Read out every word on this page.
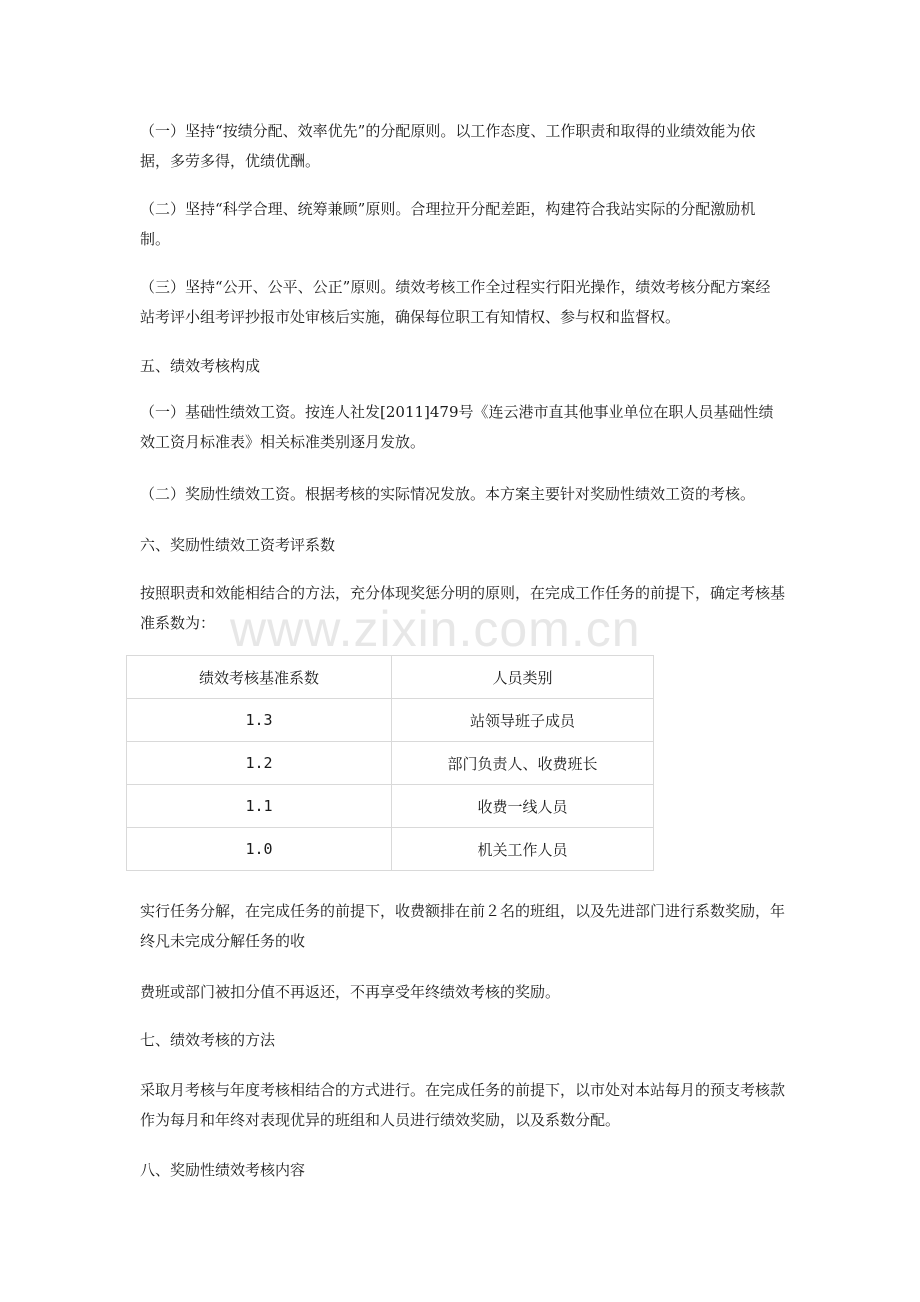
（一）坚持“按绩分配、效率优先”的分配原则。以工作态度、工作职责和取得的业绩效能为依据，多劳多得，优绩优酬。

（二）坚持“科学合理、统筹兼顾”原则。合理拉开分配差距，构建符合我站实际的分配激励机制。

（三）坚持“公开、公平、公正”原则。绩效考核工作全过程实行阳光操作，绩效考核分配方案经站考评小组考评抄报市处审核后实施，确保每位职工有知情权、参与权和监督权。

五、绩效考核构成

（一）基础性绩效工资。按连人社发[2011]479号《连云港市直其他事业单位在职人员基础性绩效工资月标准表》相关标准类别逐月发放。

（二）奖励性绩效工资。根据考核的实际情况发放。本方案主要针对奖励性绩效工资的考核。

六、奖励性绩效工资考评系数

按照职责和效能相结合的方法，充分体现奖惩分明的原则，在完成工作任务的前提下，确定考核基准系数为：

实行任务分解，在完成任务的前提下，收费额排在前２名的班组，以及先进部门进行系数奖励，年终凡未完成分解任务的收

费班或部门被扣分值不再返还，不再享受年终绩效考核的奖励。

七、绩效考核的方法

采取月考核与年度考核相结合的方式进行。在完成任务的前提下，以市处对本站每月的预支考核款作为每月和年终对表现优异的班组和人员进行绩效奖励，以及系数分配。

八、奖励性绩效考核内容

绩效考核基准系数	人员类别
1.3	站领导班子成员
1.2	部门负责人、收费班长
1.1	收费一线人员
1.0	机关工作人员
www.zixin.com.cn
